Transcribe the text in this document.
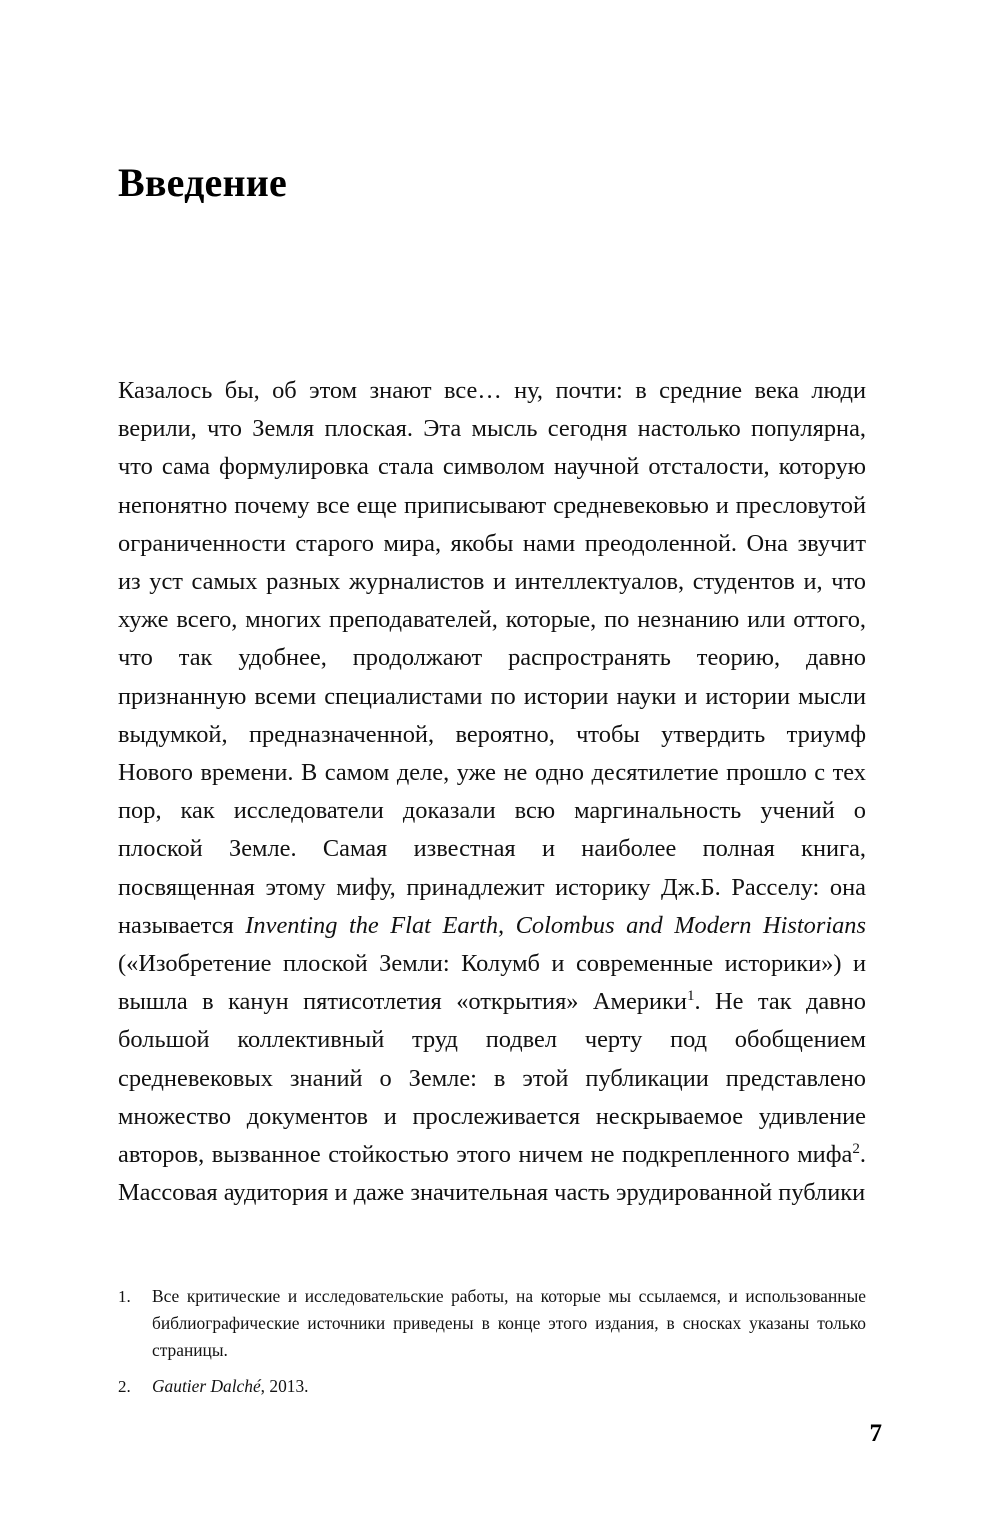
Введение
Казалось бы, об этом знают все… ну, почти: в средние века люди верили, что Земля плоская. Эта мысль сегодня настолько популярна, что сама формулировка стала символом научной отсталости, которую непонятно почему все еще приписывают средневековью и пресловутой ограниченности старого мира, якобы нами преодоленной. Она звучит из уст самых разных журналистов и интеллектуалов, студентов и, что хуже всего, многих преподавателей, которые, по незнанию или оттого, что так удобнее, продолжают распространять теорию, давно признанную всеми специалистами по истории науки и истории мысли выдумкой, предназначенной, вероятно, чтобы утвердить триумф Нового времени. В самом деле, уже не одно десятилетие прошло с тех пор, как исследователи доказали всю маргинальность учений о плоской Земле. Самая известная и наиболее полная книга, посвященная этому мифу, принадлежит историку Дж.Б. Расселу: она называется Inventing the Flat Earth, Colombus and Modern Historians («Изобретение плоской Земли: Колумб и современные историки») и вышла в канун пятисотлетия «открытия» Америки$^1$. Не так давно большой коллективный труд подвел черту под обобщением средневековых знаний о Земле: в этой публикации представлено множество документов и прослеживается нескрываемое удивление авторов, вызванное стойкостью этого ничем не подкрепленного мифа$^2$. Массовая аудитория и даже значительная часть эрудированной публики
1.	Все критические и исследовательские работы, на которые мы ссылаемся, и использованные библиографические источники приведены в конце этого издания, в сносках указаны только страницы.
2.	Gautier Dalché, 2013.
7
